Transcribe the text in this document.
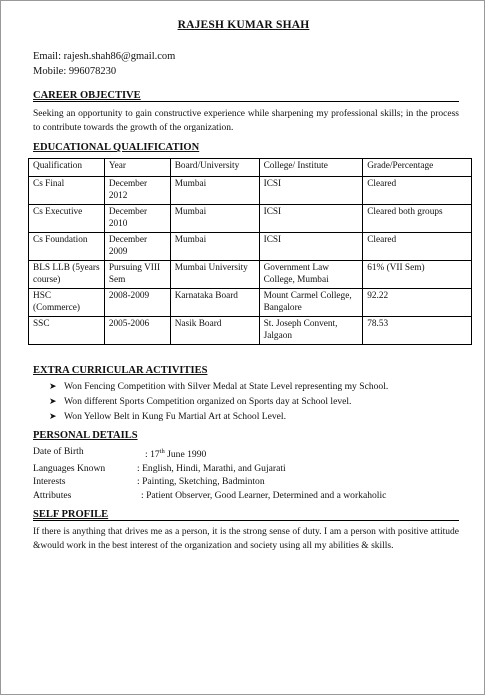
RAJESH KUMAR SHAH
Email: rajesh.shah86@gmail.com
Mobile: 996078230
CAREER OBJECTIVE
Seeking an opportunity to gain constructive experience while sharpening my professional skills; in the process to contribute towards the growth of the organization.
EDUCATIONAL QUALIFICATION
Qualification	Year	Board/University	College/ Institute	Grade/Percentage
Cs Final	December 2012	Mumbai	ICSI	Cleared
Cs Executive	December 2010	Mumbai	ICSI	Cleared both groups
Cs Foundation	December 2009	Mumbai	ICSI	Cleared
BLS LLB (5years course)	Pursuing VIII Sem	Mumbai University	Government Law College, Mumbai	61% (VII Sem)
HSC (Commerce)	2008-2009	Karnataka Board	Mount Carmel College, Bangalore	92.22
SSC	2005-2006	Nasik Board	St. Joseph Convent, Jalgaon	78.53
EXTRA CURRICULAR ACTIVITIES
➤ Won Fencing Competition with Silver Medal at State Level representing my School.
➤ Won different Sports Competition organized on Sports day at School level.
➤ Won Yellow Belt in Kung Fu Martial Art at School Level.
PERSONAL DETAILS
Date of Birth	: 17th June 1990
Languages Known	: English, Hindi, Marathi, and Gujarati
Interests	: Painting, Sketching, Badminton
Attributes	: Patient Observer, Good Learner, Determined and a workaholic
SELF PROFILE
If there is anything that drives me as a person, it is the strong sense of duty. I am a person with positive attitude &would work in the best interest of the organization and society using all my abilities & skills.
